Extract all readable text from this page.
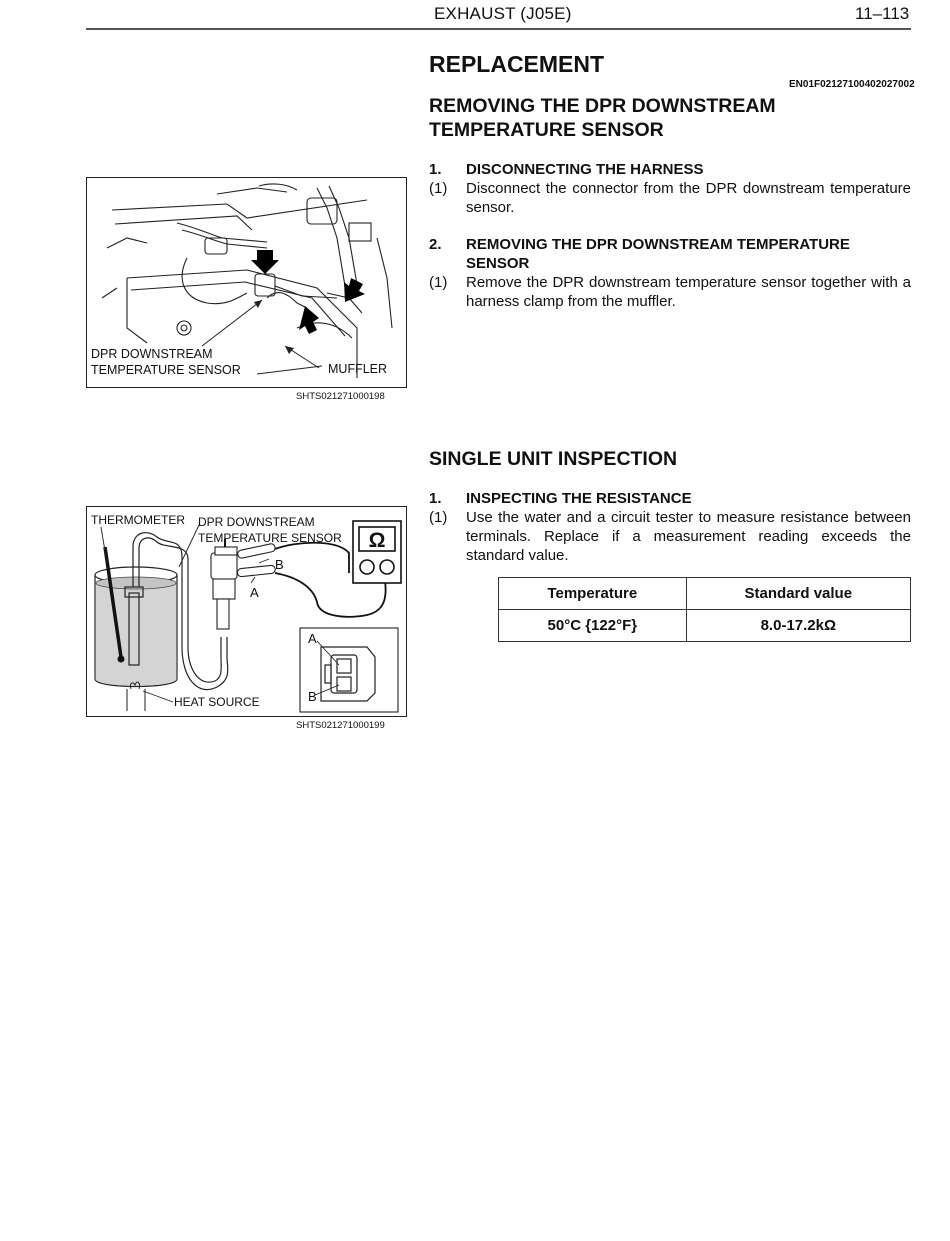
EXHAUST (J05E)	11–113
REPLACEMENT
EN01F02127100402027002
REMOVING THE DPR DOWNSTREAM
TEMPERATURE SENSOR
1. DISCONNECTING THE HARNESS
(1) Disconnect the connector from the DPR downstream temperature sensor.
2. REMOVING THE DPR DOWNSTREAM TEMPERATURE SENSOR
(1) Remove the DPR downstream temperature sensor together with a harness clamp from the muffler.
DPR DOWNSTREAM
TEMPERATURE SENSOR	MUFFLER
SHTS021271000198
SINGLE UNIT INSPECTION
1. INSPECTING THE RESISTANCE
(1) Use the water and a circuit tester to measure resistance between terminals. Replace if a measurement reading exceeds the standard value.
Temperature	Standard value
50°C {122°F}	8.0-17.2kΩ
Ω
THERMOMETER DPR DOWNSTREAM
TEMPERATURE SENSOR
B
A
A
B
HEAT SOURCE
SHTS021271000199
